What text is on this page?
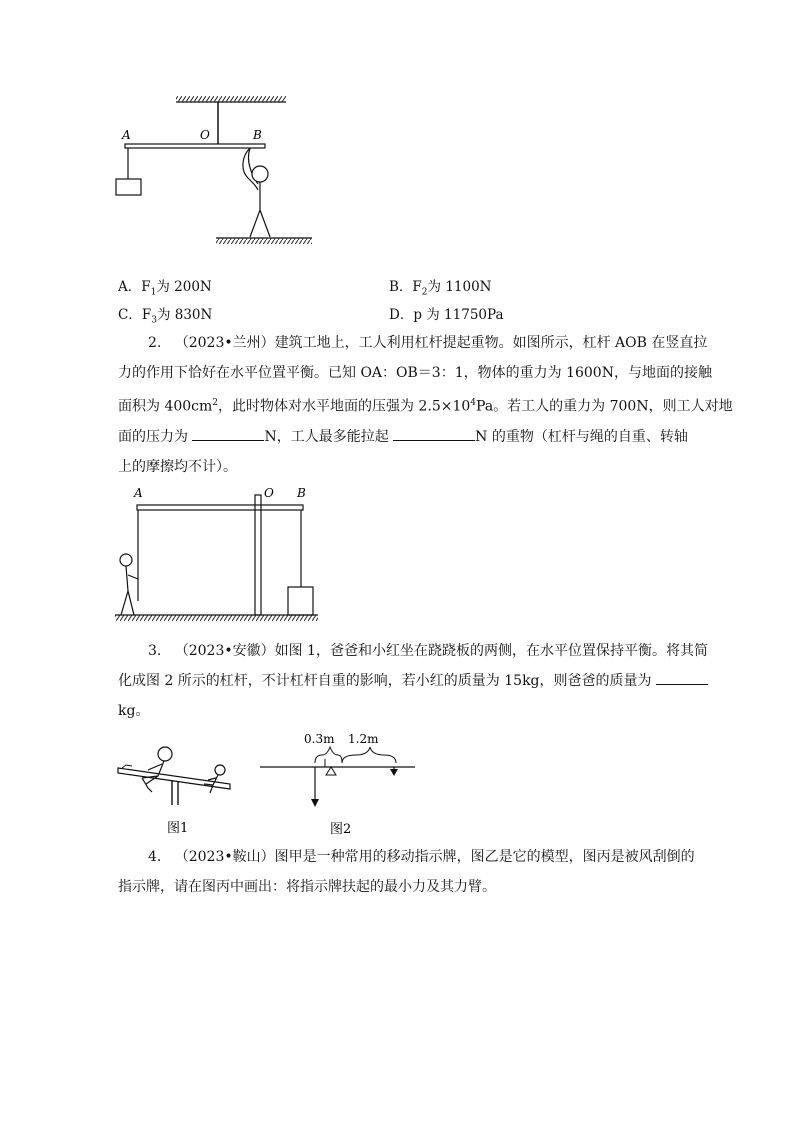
A	O	B
A．$F_1$为 200N	B．$F_2$为 1100N
C．$F_3$为 830N	D．p 为 11750Pa
2. （2023•兰州）建筑工地上，工人利用杠杆提起重物。如图所示，杠杆 AOB 在竖直拉
力的作用下恰好在水平位置平衡。已知 OA：OB＝3：1，物体的重力为 1600N，与地面的接触
面积为 $400cm^2$，此时物体对水平地面的压强为 $2.5\times 10^4Pa$。若工人的重力为 700N，则工人对地
面的压力为	N，工人最多能拉起	N 的重物（杠杆与绳的自重、转轴
上的摩擦均不计）。
A	O B
3. （2023•安徽）如图 1，爸爸和小红坐在跷跷板的两侧，在水平位置保持平衡。将其简
化成图 2 所示的杠杆，不计杠杆自重的影响，若小红的质量为 15kg，则爸爸的质量为
kg。
图1
0.3m 1.2m
图2
4. （2023•鞍山）图甲是一种常用的移动指示牌，图乙是它的模型，图丙是被风刮倒的
指示牌，请在图丙中画出：将指示牌扶起的最小力及其力臂。
